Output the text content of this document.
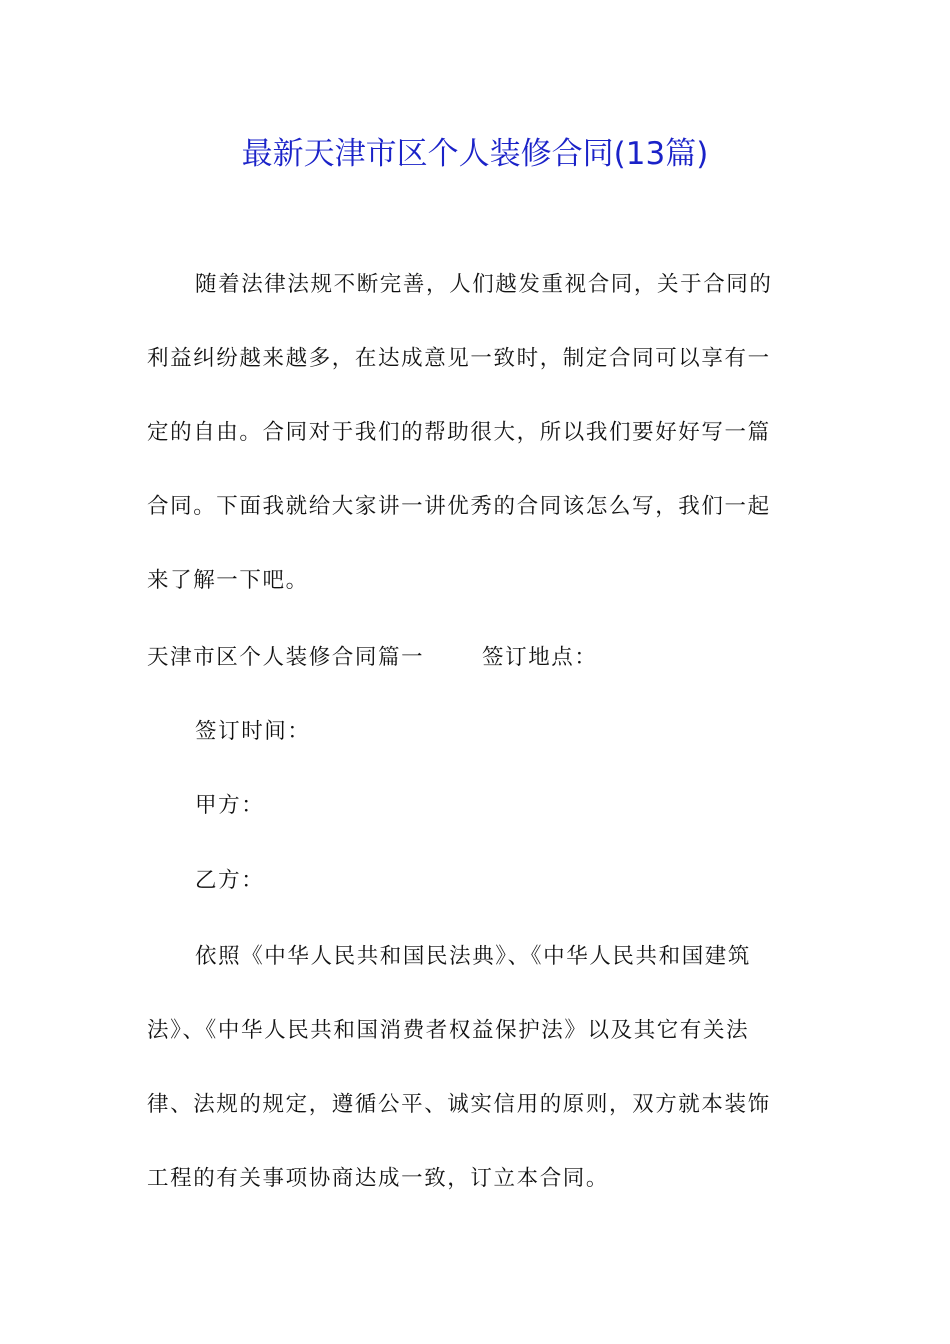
最新天津市区个人装修合同(13篇)
随着法律法规不断完善，人们越发重视合同，关于合同的
利益纠纷越来越多，在达成意见一致时，制定合同可以享有一
定的自由。合同对于我们的帮助很大，所以我们要好好写一篇
合同。下面我就给大家讲一讲优秀的合同该怎么写，我们一起
来了解一下吧。

天津市区个人装修合同篇一	签订地点：

签订时间：

甲方：

乙方：

依照《中华人民共和国民法典》、《中华人民共和国建筑
法》、《中华人民共和国消费者权益保护法》以及其它有关法
律、法规的规定，遵循公平、诚实信用的原则，双方就本装饰
工程的有关事项协商达成一致，订立本合同。
